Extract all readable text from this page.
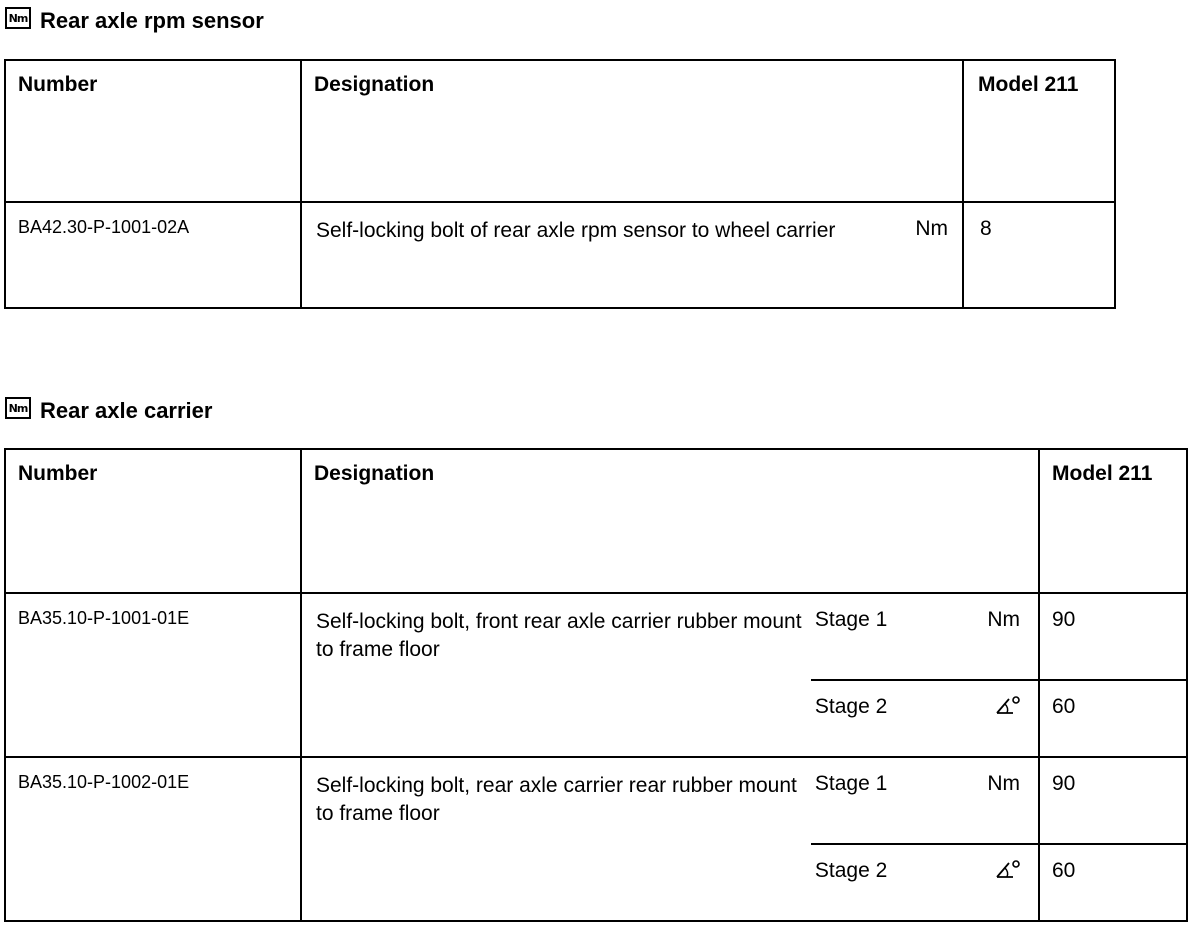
Nm Rear axle rpm sensor
Number	Designation		Model 211
BA42.30-P-1001-02A	Self-locking bolt of rear axle rpm sensor to wheel carrier	Nm	8
Nm Rear axle carrier
Number	Designation		Model 211
BA35.10-P-1001-01E	Self-locking bolt, front rear axle carrier rubber mount to frame floor	Stage 1 Nm	90

		Stage 2	60
BA35.10-P-1002-01E	Self-locking bolt, rear axle carrier rear rubber mount to frame floor	Stage 1 Nm	90

		Stage 2	60
